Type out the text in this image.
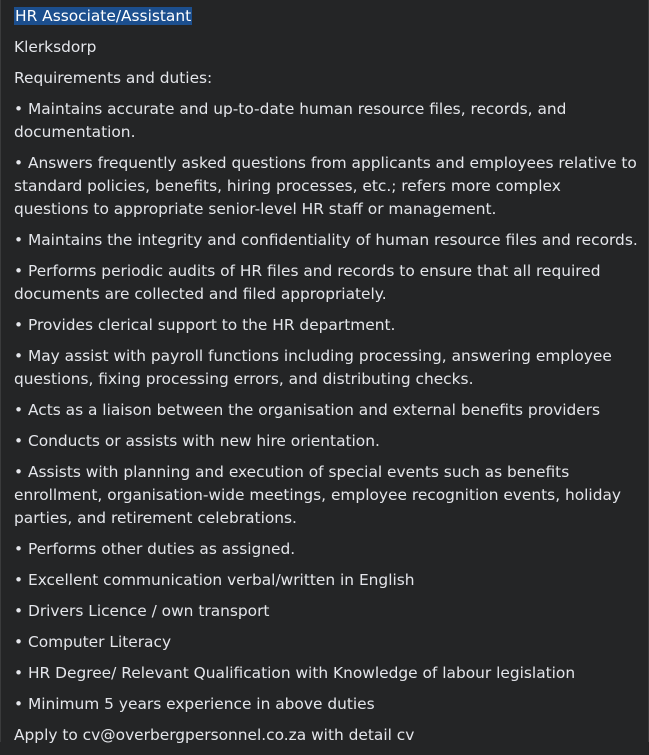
HR Associate/Assistant

Klerksdorp

Requirements and duties:

• Maintains accurate and up-to-date human resource files, records, and documentation.

• Answers frequently asked questions from applicants and employees relative to standard policies, benefits, hiring processes, etc.; refers more complex questions to appropriate senior-level HR staff or management.

• Maintains the integrity and confidentiality of human resource files and records.

• Performs periodic audits of HR files and records to ensure that all required documents are collected and filed appropriately.

• Provides clerical support to the HR department.

• May assist with payroll functions including processing, answering employee questions, fixing processing errors, and distributing checks.

• Acts as a liaison between the organisation and external benefits providers

• Conducts or assists with new hire orientation.

• Assists with planning and execution of special events such as benefits enrollment, organisation-wide meetings, employee recognition events, holiday parties, and retirement celebrations.

• Performs other duties as assigned.

• Excellent communication verbal/written in English

• Drivers Licence / own transport

• Computer Literacy

• HR Degree/ Relevant Qualification with Knowledge of labour legislation

• Minimum 5 years experience in above duties

Apply to cv@overbergpersonnel.co.za with detail cv
